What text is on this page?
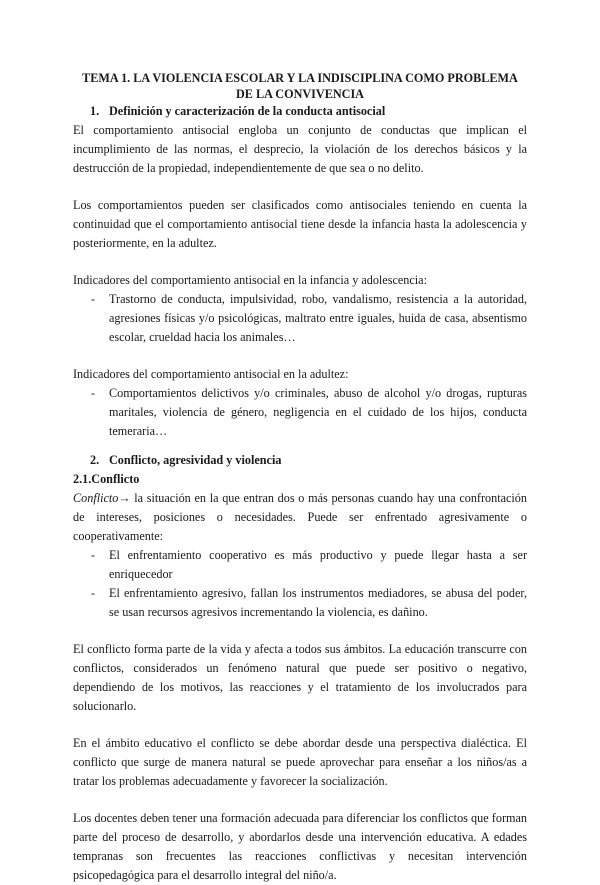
TEMA 1. LA VIOLENCIA ESCOLAR Y LA INDISCIPLINA COMO PROBLEMA DE LA CONVIVENCIA
1. Definición y caracterización de la conducta antisocial

El comportamiento antisocial engloba un conjunto de conductas que implican el incumplimiento de las normas, el desprecio, la violación de los derechos básicos y la destrucción de la propiedad, independientemente de que sea o no delito.

Los comportamientos pueden ser clasificados como antisociales teniendo en cuenta la continuidad que el comportamiento antisocial tiene desde la infancia hasta la adolescencia y posteriormente, en la adultez.

Indicadores del comportamiento antisocial en la infancia y adolescencia:

- Trastorno de conducta, impulsividad, robo, vandalismo, resistencia a la autoridad, agresiones físicas y/o psicológicas, maltrato entre iguales, huida de casa, absentismo escolar, crueldad hacia los animales…

Indicadores del comportamiento antisocial en la adultez:

- Comportamientos delictivos y/o criminales, abuso de alcohol y/o drogas, rupturas maritales, violencia de género, negligencia en el cuidado de los hijos, conducta temeraria…
2. Conflicto, agresividad y violencia
2.1.Conflicto

Conflicto→ la situación en la que entran dos o más personas cuando hay una confrontación de intereses, posiciones o necesidades. Puede ser enfrentado agresivamente o cooperativamente:

- El enfrentamiento cooperativo es más productivo y puede llegar hasta a ser enriquecedor
- El enfrentamiento agresivo, fallan los instrumentos mediadores, se abusa del poder, se usan recursos agresivos incrementando la violencia, es dañino.

El conflicto forma parte de la vida y afecta a todos sus ámbitos. La educación transcurre con conflictos, considerados un fenómeno natural que puede ser positivo o negativo, dependiendo de los motivos, las reacciones y el tratamiento de los involucrados para solucionarlo.

En el ámbito educativo el conflicto se debe abordar desde una perspectiva dialéctica. El conflicto que surge de manera natural se puede aprovechar para enseñar a los niños/as a tratar los problemas adecuadamente y favorecer la socialización.

Los docentes deben tener una formación adecuada para diferenciar los conflictos que forman parte del proceso de desarrollo, y abordarlos desde una intervención educativa. A edades tempranas son frecuentes las reacciones conflictivas y necesitan intervención psicopedagógica para el desarrollo integral del niño/a.
